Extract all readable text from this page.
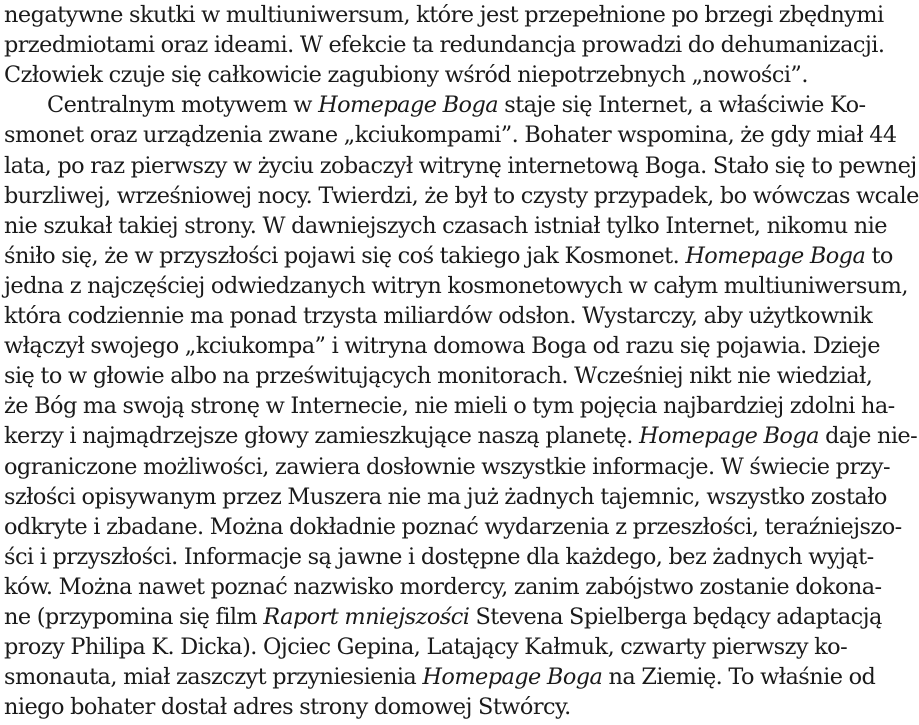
negatywne skutki w multiuniwersum, które jest przepełnione po brzegi zbędnymi
przedmiotami oraz ideami. W efekcie ta redundancja prowadzi do dehumanizacji.
Człowiek czuje się całkowicie zagubiony wśród niepotrzebnych „nowości”.
Centralnym motywem w Homepage Boga staje się Internet, a właściwie Ko-
smonet oraz urządzenia zwane „kciukompami”. Bohater wspomina, że gdy miał 44
lata, po raz pierwszy w życiu zobaczył witrynę internetową Boga. Stało się to pewnej
burzliwej, wrześniowej nocy. Twierdzi, że był to czysty przypadek, bo wówczas wcale
nie szukał takiej strony. W dawniejszych czasach istniał tylko Internet, nikomu nie
śniło się, że w przyszłości pojawi się coś takiego jak Kosmonet. Homepage Boga to
jedna z najczęściej odwiedzanych witryn kosmonetowych w całym multiuniwersum,
która codziennie ma ponad trzysta miliardów odsłon. Wystarczy, aby użytkownik
włączył swojego „kciukompa” i witryna domowa Boga od razu się pojawia. Dzieje
się to w głowie albo na prześwitujących monitorach. Wcześniej nikt nie wiedział,
że Bóg ma swoją stronę w Internecie, nie mieli o tym pojęcia najbardziej zdolni ha-
kerzy i najmądrzejsze głowy zamieszkujące naszą planetę. Homepage Boga daje nie-
ograniczone możliwości, zawiera dosłownie wszystkie informacje. W świecie przy-
szłości opisywanym przez Muszera nie ma już żadnych tajemnic, wszystko zostało
odkryte i zbadane. Można dokładnie poznać wydarzenia z przeszłości, teraźniejszo-
ści i przyszłości. Informacje są jawne i dostępne dla każdego, bez żadnych wyjąt-
ków. Można nawet poznać nazwisko mordercy, zanim zabójstwo zostanie dokona-
ne (przypomina się film Raport mniejszości Stevena Spielberga będący adaptacją
prozy Philipa K. Dicka). Ojciec Gepina, Latający Kałmuk, czwarty pierwszy ko-
smonauta, miał zaszczyt przyniesienia Homepage Boga na Ziemię. To właśnie od
niego bohater dostał adres strony domowej Stwórcy.
